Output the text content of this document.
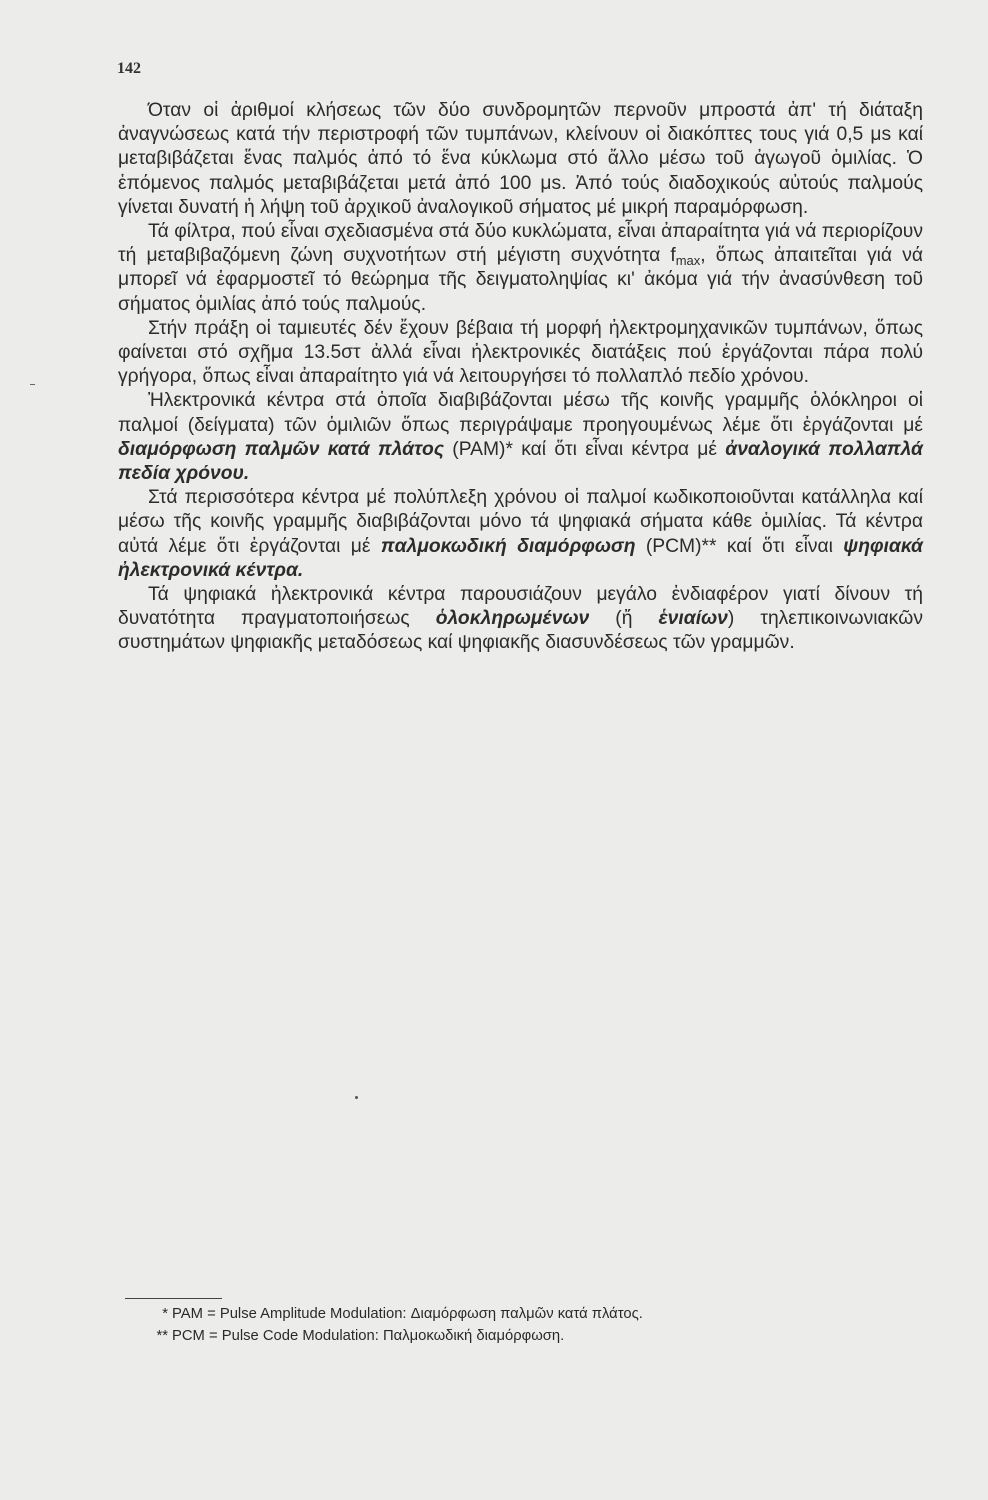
142

Όταν οἱ ἀριθμοί κλήσεως τῶν δύο συνδρομητῶν περνοῦν μπροστά ἀπ' τή διάταξη ἀναγνώσεως κατά τήν περιστροφή τῶν τυμπάνων, κλείνουν οἱ διακόπτες τους γιά 0,5 μs καί μεταβιβάζεται ἕνας παλμός ἀπό τό ἕνα κύκλωμα στό ἄλλο μέσω τοῦ ἀγωγοῦ ὁμιλίας. Ὁ ἑπόμενος παλμός μεταβιβάζεται μετά ἀπό 100 μs. Ἀπό τούς διαδοχικούς αὐτούς παλμούς γίνεται δυνατή ἡ λήψη τοῦ ἀρχικοῦ ἀναλογικοῦ σήματος μέ μικρή παραμόρφωση.

Τά φίλτρα, πού εἶναι σχεδιασμένα στά δύο κυκλώματα, εἶναι ἀπαραίτητα γιά νά περιορίζουν τή μεταβιβαζόμενη ζώνη συχνοτήτων στή μέγιστη συχνότητα $f_{max}$, ὅπως ἀπαιτεῖται γιά νά μπορεῖ νά ἐφαρμοστεῖ τό θεώρημα τῆς δειγματοληψίας κι' ἀκόμα γιά τήν ἀνασύνθεση τοῦ σήματος ὁμιλίας ἀπό τούς παλμούς.

Στήν πράξη οἱ ταμιευτές δέν ἔχουν βέβαια τή μορφή ἠλεκτρομηχανικῶν τυμπάνων, ὅπως φαίνεται στό σχῆμα 13.5στ ἀλλά εἶναι ἠλεκτρονικές διατάξεις πού ἐργάζονται πάρα πολύ γρήγορα, ὅπως εἶναι ἀπαραίτητο γιά νά λειτουργήσει τό πολλαπλό πεδίο χρόνου.

Ἠλεκτρονικά κέντρα στά ὁποῖα διαβιβάζονται μέσω τῆς κοινῆς γραμμῆς ὁλόκληροι οἱ παλμοί (δείγματα) τῶν ὁμιλιῶν ὅπως περιγράψαμε προηγουμένως λέμε ὅτι ἐργάζονται μέ διαμόρφωση παλμῶν κατά πλάτος (PAM)* καί ὅτι εἶναι κέντρα μέ ἀναλογικά πολλαπλά πεδία χρόνου.

Στά περισσότερα κέντρα μέ πολύπλεξη χρόνου οἱ παλμοί κωδικοποιοῦνται κατάλληλα καί μέσω τῆς κοινῆς γραμμῆς διαβιβάζονται μόνο τά ψηφιακά σήματα κάθε ὁμιλίας. Τά κέντρα αὐτά λέμε ὅτι ἐργάζονται μέ παλμοκωδική διαμόρφωση (PCM)** καί ὅτι εἶναι ψηφιακά ἠλεκτρονικά κέντρα.

Τά ψηφιακά ἠλεκτρονικά κέντρα παρουσιάζουν μεγάλο ἐνδιαφέρον γιατί δίνουν τή δυνατότητα πραγματοποιήσεως ὁλοκληρωμένων (ἤ ἑνιαίων) τηλεπικοινωνιακῶν συστημάτων ψηφιακῆς μεταδόσεως καί ψηφιακῆς διασυνδέσεως τῶν γραμμῶν.

* PAM = Pulse Amplitude Modulation: Διαμόρφωση παλμῶν κατά πλάτος.
** PCM = Pulse Code Modulation: Παλμοκωδική διαμόρφωση.
